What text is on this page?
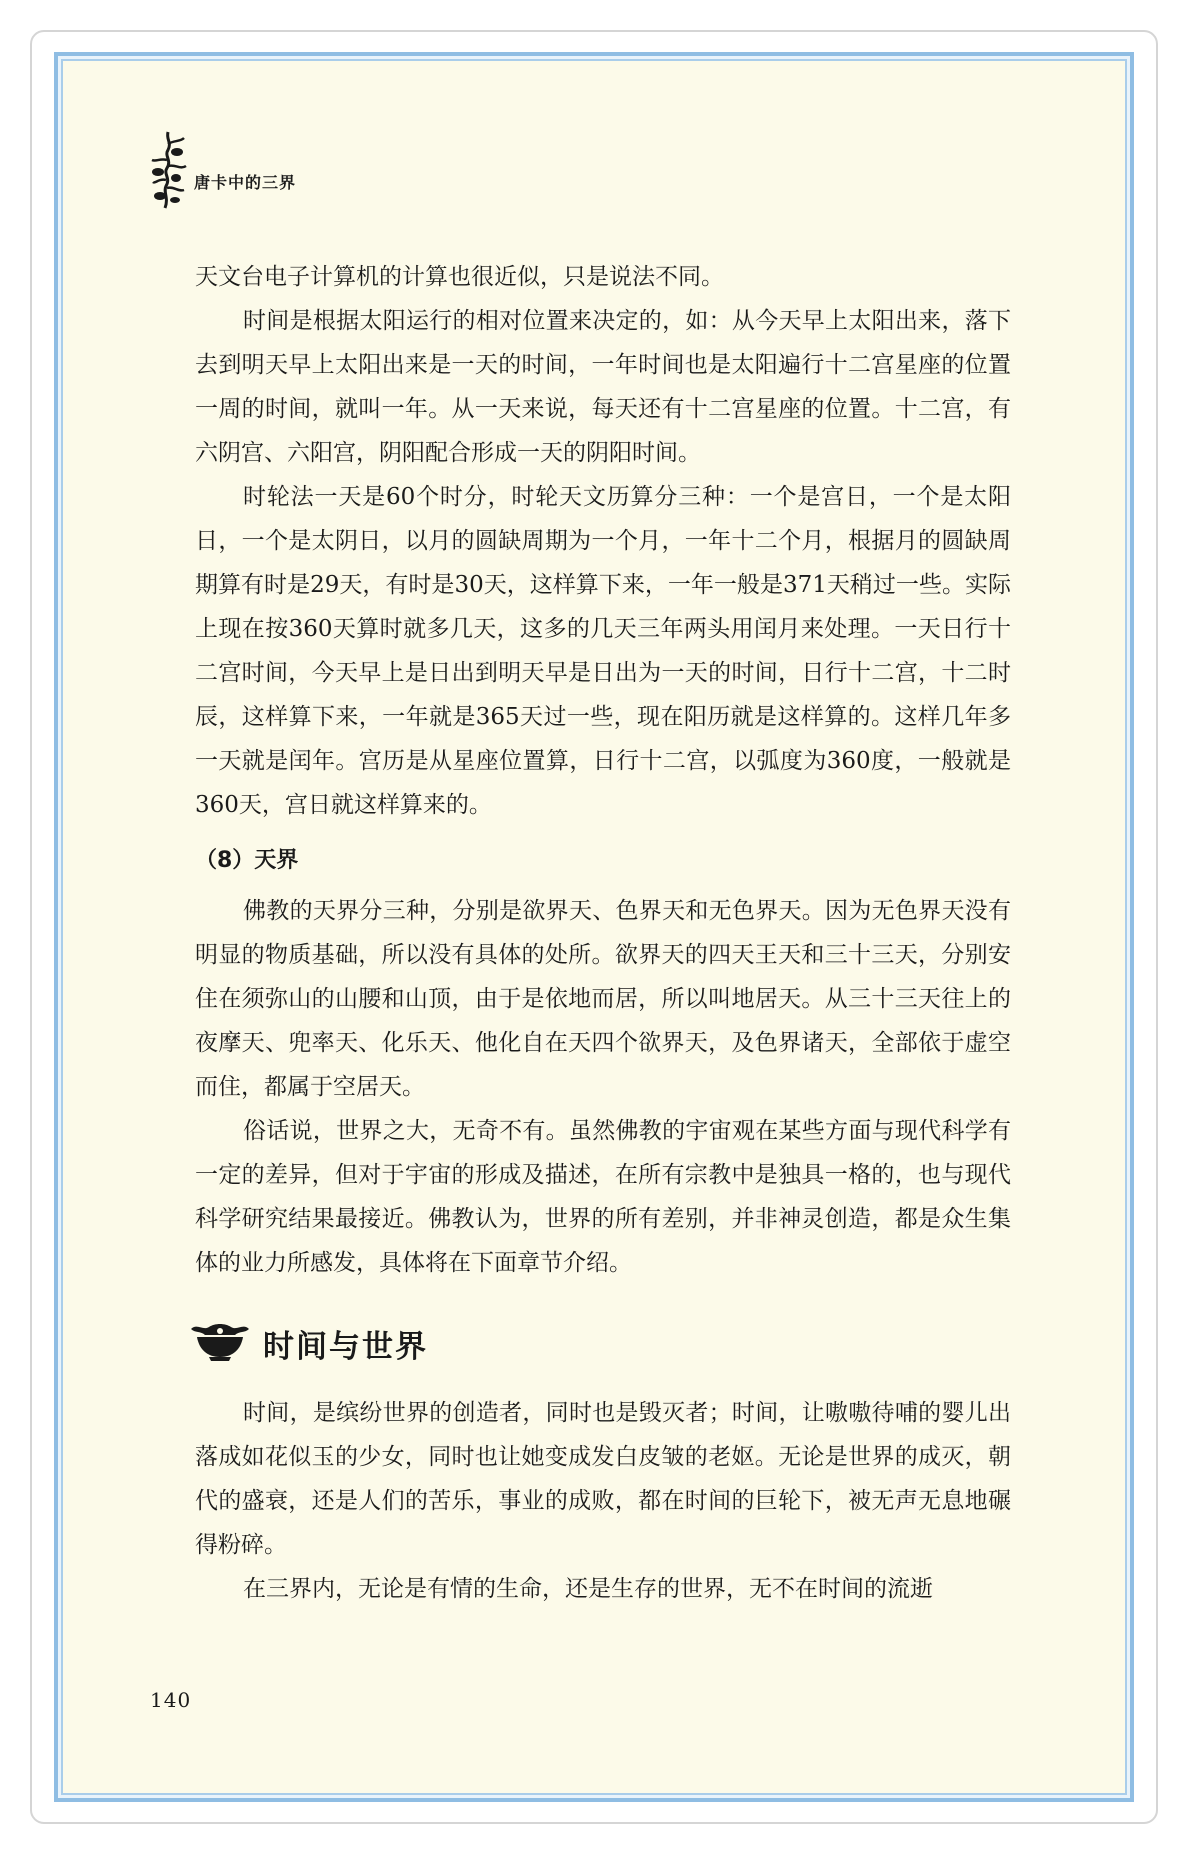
唐卡中的三界

天文台电子计算机的计算也很近似，只是说法不同。

时间是根据太阳运行的相对位置来决定的，如：从今天早上太阳出来，落下去到明天早上太阳出来是一天的时间，一年时间也是太阳遍行十二宫星座的位置一周的时间，就叫一年。从一天来说，每天还有十二宫星座的位置。十二宫，有六阴宫、六阳宫，阴阳配合形成一天的阴阳时间。

时轮法一天是60个时分，时轮天文历算分三种：一个是宫日，一个是太阳日，一个是太阴日，以月的圆缺周期为一个月，一年十二个月，根据月的圆缺周期算有时是29天，有时是30天，这样算下来，一年一般是371天稍过一些。实际上现在按360天算时就多几天，这多的几天三年两头用闰月来处理。一天日行十二宫时间，今天早上是日出到明天早是日出为一天的时间，日行十二宫，十二时辰，这样算下来，一年就是365天过一些，现在阳历就是这样算的。这样几年多一天就是闰年。宫历是从星座位置算，日行十二宫，以弧度为360度，一般就是360天，宫日就这样算来的。

（8）天界

佛教的天界分三种，分别是欲界天、色界天和无色界天。因为无色界天没有明显的物质基础，所以没有具体的处所。欲界天的四天王天和三十三天，分别安住在须弥山的山腰和山顶，由于是依地而居，所以叫地居天。从三十三天往上的夜摩天、兜率天、化乐天、他化自在天四个欲界天，及色界诸天，全部依于虚空而住，都属于空居天。

俗话说，世界之大，无奇不有。虽然佛教的宇宙观在某些方面与现代科学有一定的差异，但对于宇宙的形成及描述，在所有宗教中是独具一格的，也与现代科学研究结果最接近。佛教认为，世界的所有差别，并非神灵创造，都是众生集体的业力所感发，具体将在下面章节介绍。

时间与世界

时间，是缤纷世界的创造者，同时也是毁灭者；时间，让嗷嗷待哺的婴儿出落成如花似玉的少女，同时也让她变成发白皮皱的老妪。无论是世界的成灭，朝代的盛衰，还是人们的苦乐，事业的成败，都在时间的巨轮下，被无声无息地碾得粉碎。

在三界内，无论是有情的生命，还是生存的世界，无不在时间的流逝

140
